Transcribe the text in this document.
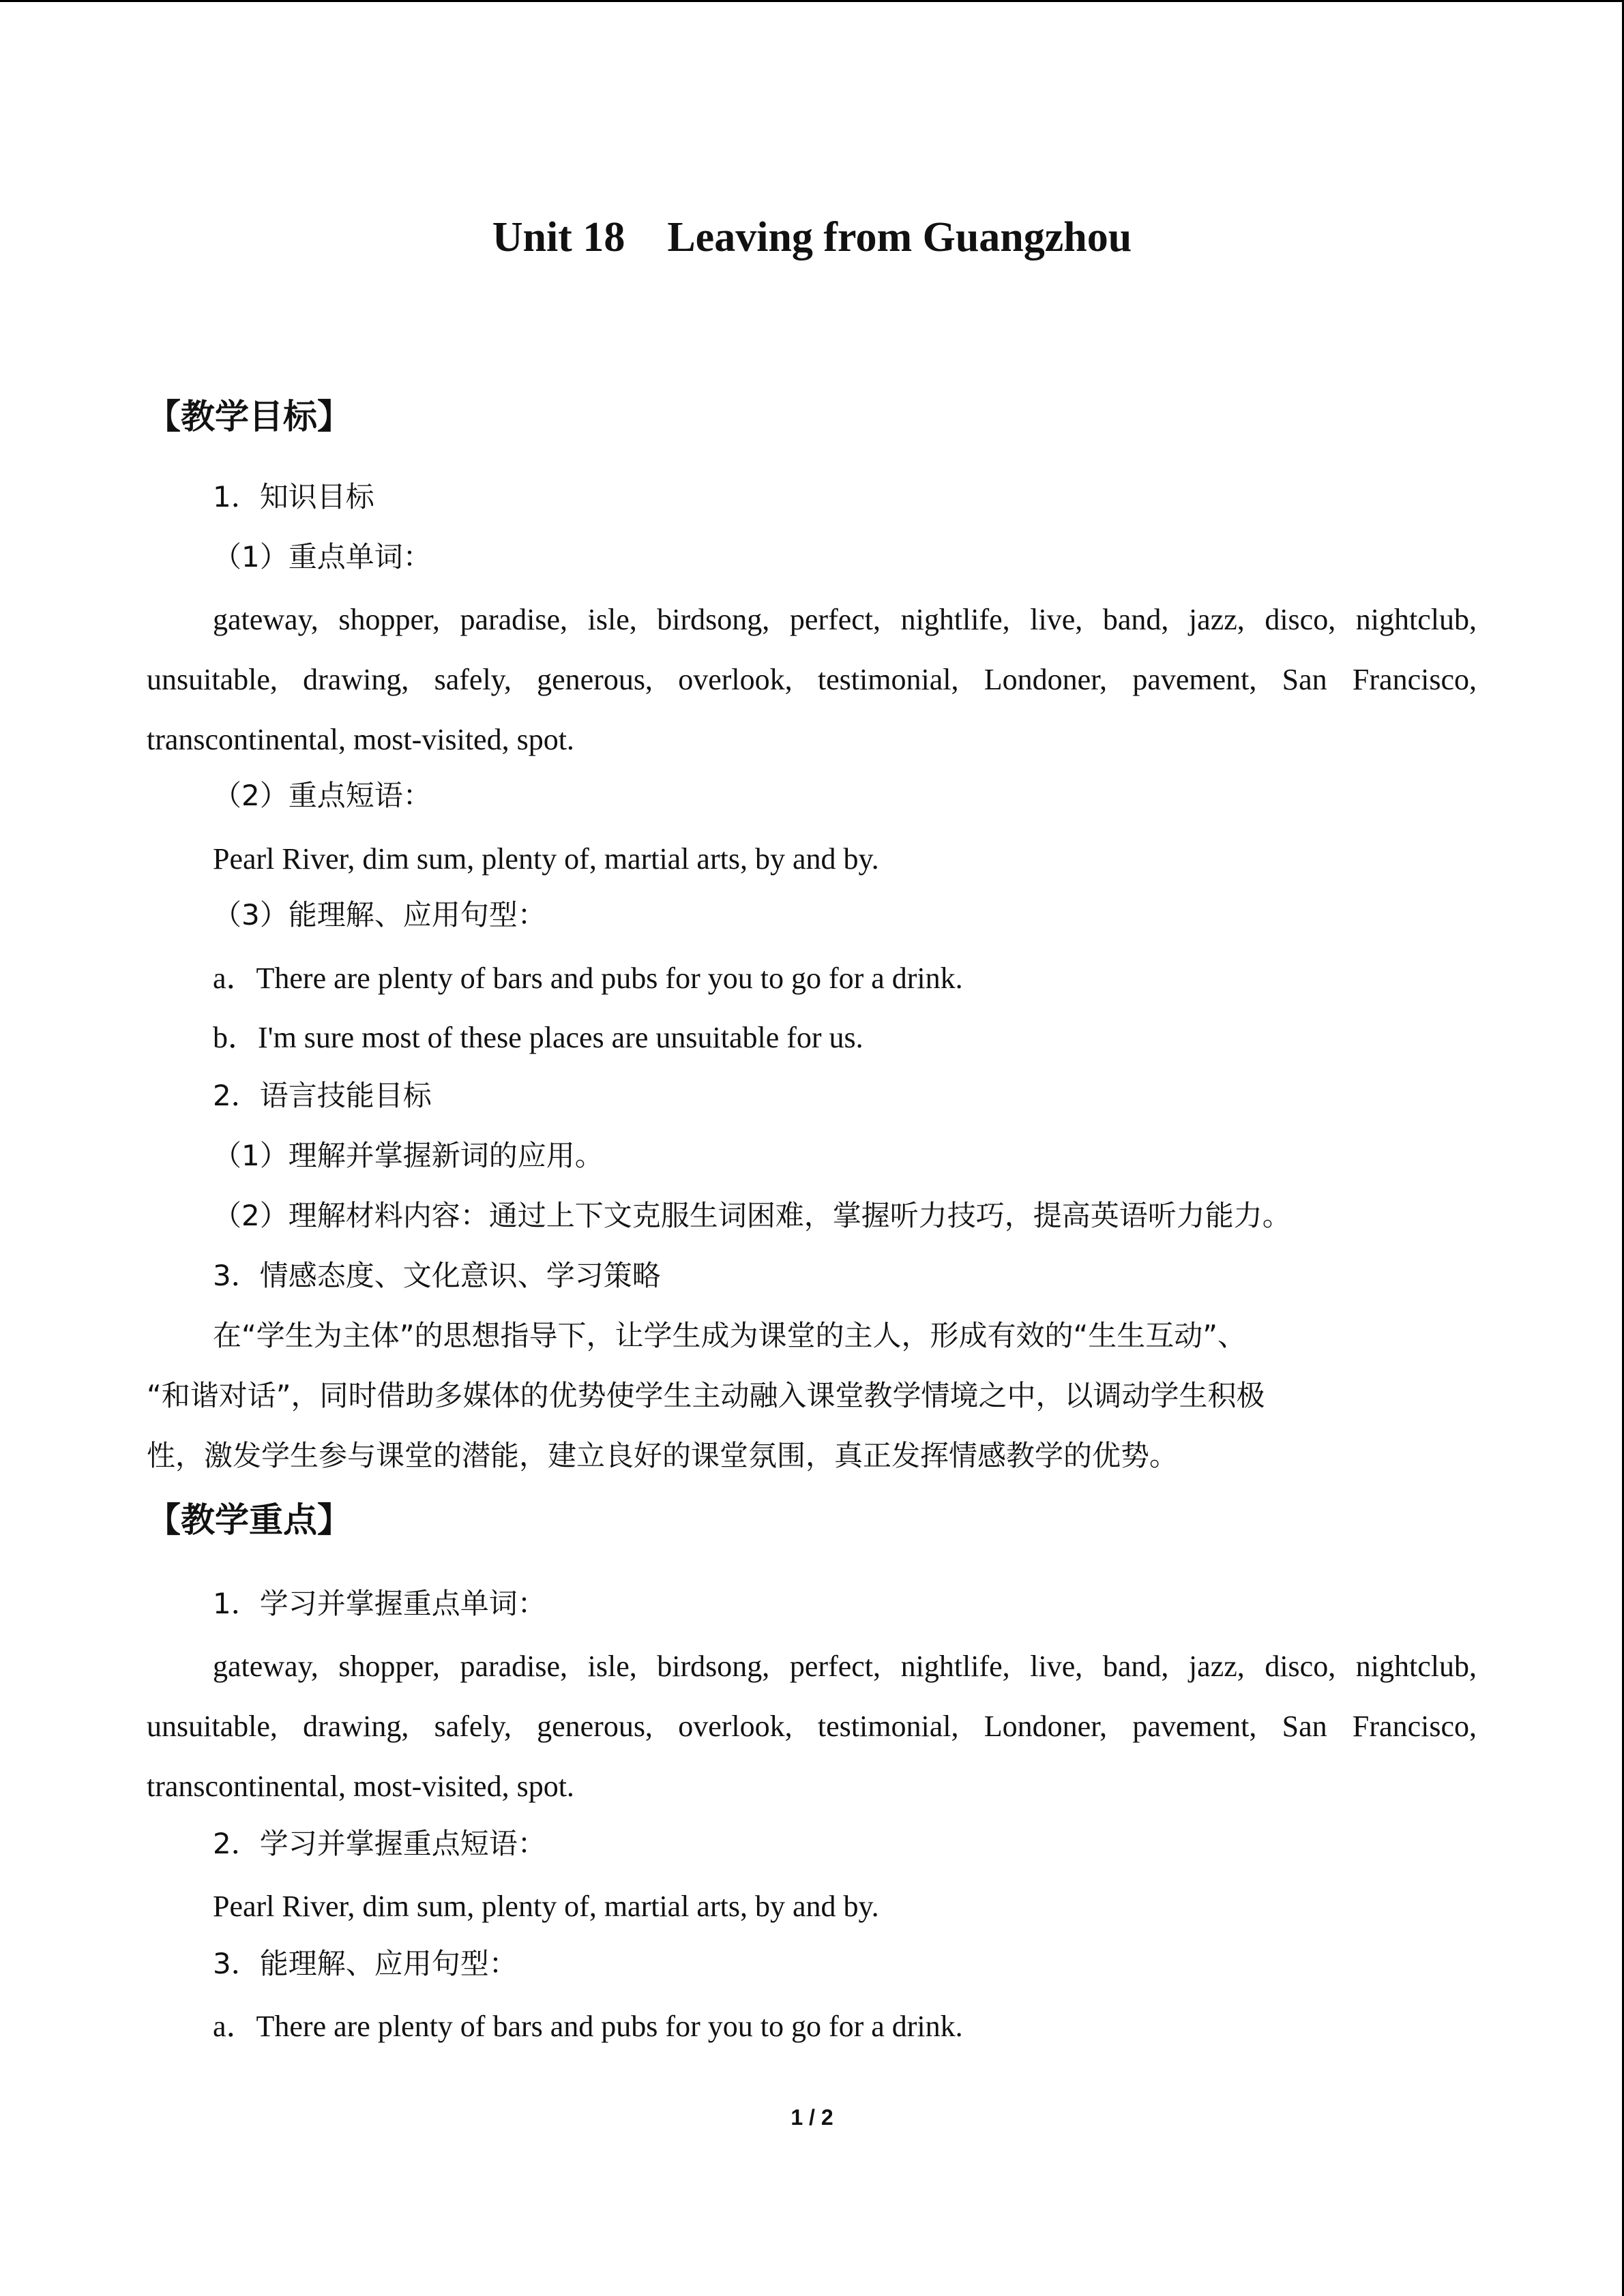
Unit 18    Leaving from Guangzhou
【教学目标】
1．知识目标
（1）重点单词：
gateway, shopper, paradise, isle, birdsong, perfect, nightlife, live, band, jazz, disco, nightclub,
unsuitable, drawing, safely, generous, overlook, testimonial, Londoner, pavement, San Francisco,
transcontinental, most-visited, spot.
（2）重点短语：
Pearl River, dim sum, plenty of, martial arts, by and by.
（3）能理解、应用句型：
a．There are plenty of bars and pubs for you to go for a drink.
b．I'm sure most of these places are unsuitable for us.
2．语言技能目标
（1）理解并掌握新词的应用。
（2）理解材料内容：通过上下文克服生词困难，掌握听力技巧，提高英语听力能力。
3．情感态度、文化意识、学习策略
在“学生为主体”的思想指导下，让学生成为课堂的主人，形成有效的“生生互动”、
“和谐对话”，同时借助多媒体的优势使学生主动融入课堂教学情境之中，以调动学生积极
性，激发学生参与课堂的潜能，建立良好的课堂氛围，真正发挥情感教学的优势。
【教学重点】
1．学习并掌握重点单词：
gateway, shopper, paradise, isle, birdsong, perfect, nightlife, live, band, jazz, disco, nightclub,
unsuitable, drawing, safely, generous, overlook, testimonial, Londoner, pavement, San Francisco,
transcontinental, most-visited, spot.
2．学习并掌握重点短语：
Pearl River, dim sum, plenty of, martial arts, by and by.
3．能理解、应用句型：
a．There are plenty of bars and pubs for you to go for a drink.
1 / 2
